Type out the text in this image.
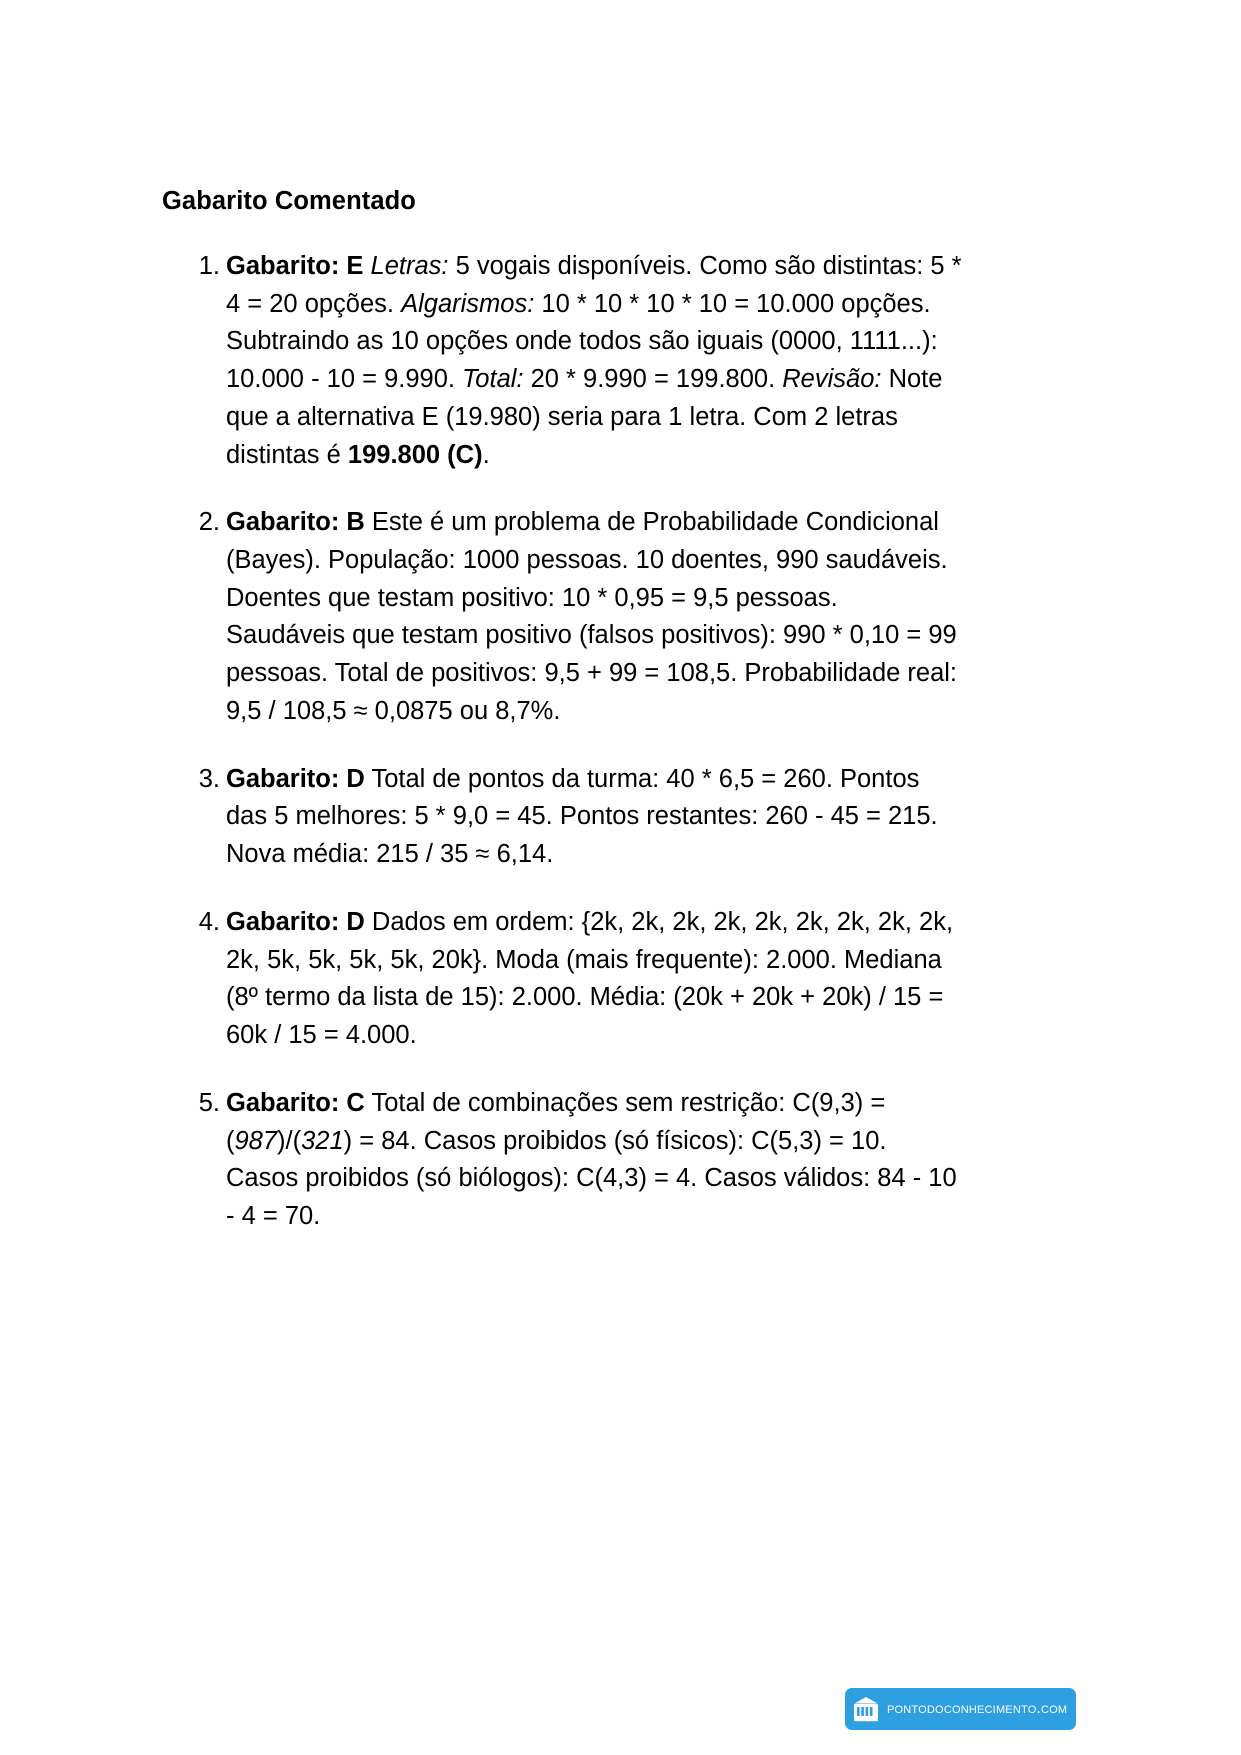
Gabarito Comentado
1. Gabarito: E Letras: 5 vogais disponíveis. Como são distintas: 5 * 4 = 20 opções. Algarismos: 10 * 10 * 10 * 10 = 10.000 opções. Subtraindo as 10 opções onde todos são iguais (0000, 1111...): 10.000 - 10 = 9.990. Total: 20 * 9.990 = 199.800. Revisão: Note que a alternativa E (19.980) seria para 1 letra. Com 2 letras distintas é 199.800 (C).
2. Gabarito: B Este é um problema de Probabilidade Condicional (Bayes). População: 1000 pessoas. 10 doentes, 990 saudáveis. Doentes que testam positivo: 10 * 0,95 = 9,5 pessoas. Saudáveis que testam positivo (falsos positivos): 990 * 0,10 = 99 pessoas. Total de positivos: 9,5 + 99 = 108,5. Probabilidade real: 9,5 / 108,5 ≈ 0,0875 ou 8,7%.
3. Gabarito: D Total de pontos da turma: 40 * 6,5 = 260. Pontos das 5 melhores: 5 * 9,0 = 45. Pontos restantes: 260 - 45 = 215. Nova média: 215 / 35 ≈ 6,14.
4. Gabarito: D Dados em ordem: {2k, 2k, 2k, 2k, 2k, 2k, 2k, 2k, 2k, 2k, 5k, 5k, 5k, 5k, 20k}. Moda (mais frequente): 2.000. Mediana (8º termo da lista de 15): 2.000. Média: (20k + 20k + 20k) / 15 = 60k / 15 = 4.000.
5. Gabarito: C Total de combinações sem restrição: C(9,3) = (987)/(321) = 84. Casos proibidos (só físicos): C(5,3) = 10. Casos proibidos (só biólogos): C(4,3) = 4. Casos válidos: 84 - 10 - 4 = 70.
pontodoconhecimento.com
